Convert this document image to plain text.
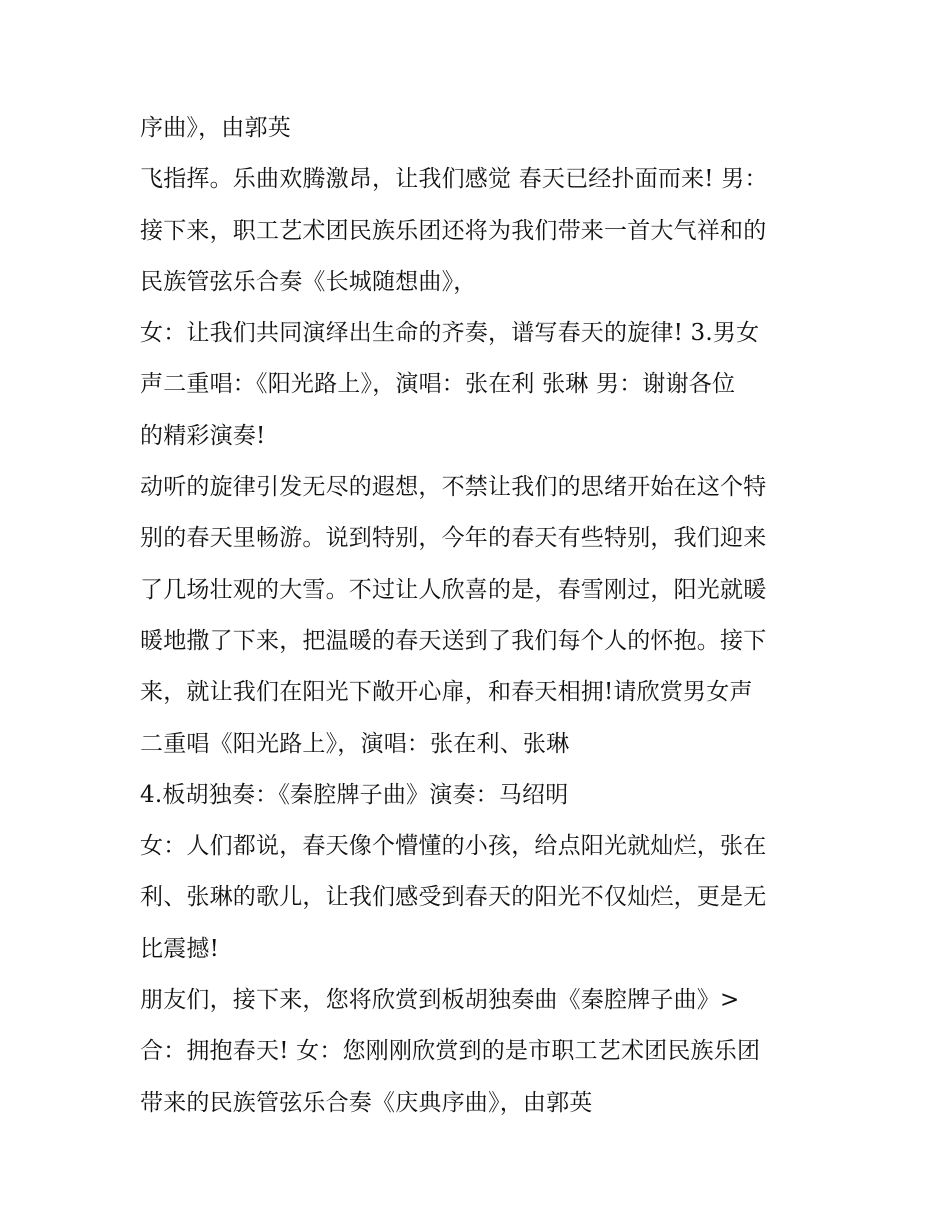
序曲》，由郭英
飞指挥。乐曲欢腾激昂，让我们感觉 春天已经扑面而来! 男：
接下来，职工艺术团民族乐团还将为我们带来一首大气祥和的
民族管弦乐合奏《长城随想曲》，
女：让我们共同演绎出生命的齐奏，谱写春天的旋律! 3.男女
声二重唱：《阳光路上》，演唱：张在利 张琳 男：谢谢各位
的精彩演奏!
动听的旋律引发无尽的遐想，不禁让我们的思绪开始在这个特
别的春天里畅游。说到特别，今年的春天有些特别，我们迎来
了几场壮观的大雪。不过让人欣喜的是，春雪刚过，阳光就暖
暖地撒了下来，把温暖的春天送到了我们每个人的怀抱。接下
来，就让我们在阳光下敞开心扉，和春天相拥!请欣赏男女声
二重唱《阳光路上》，演唱：张在利、张琳
4.板胡独奏：《秦腔牌子曲》演奏：马绍明
女：人们都说，春天像个懵懂的小孩，给点阳光就灿烂，张在
利、张琳的歌儿，让我们感受到春天的阳光不仅灿烂，更是无
比震撼!
朋友们，接下来，您将欣赏到板胡独奏曲《秦腔牌子曲》>
合：拥抱春天! 女：您刚刚欣赏到的是市职工艺术团民族乐团
带来的民族管弦乐合奏《庆典序曲》，由郭英
